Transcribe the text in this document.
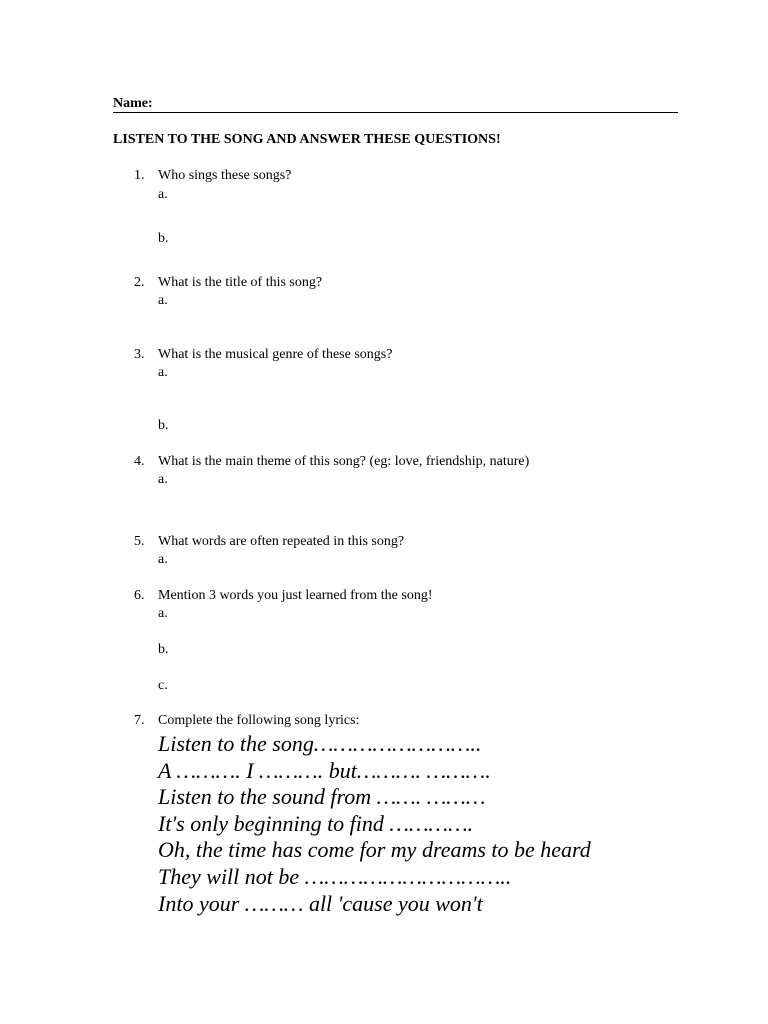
Name:
LISTEN TO THE SONG AND ANSWER THESE QUESTIONS!
1. Who sings these songs?
a.
b.
2. What is the title of this song?
a.
3. What is the musical genre of these songs?
a.
b.
4. What is the main theme of this song? (eg: love, friendship, nature)
a.
5. What words are often repeated in this song?
a.
6. Mention 3 words you just learned from the song!
a.
b.
c.
7. Complete the following song lyrics:
Listen to the song……………………..
A ………. I ………. but………. ……….
Listen to the sound from ……. ………
It's only beginning to find ………….
Oh, the time has come for my dreams to be heard
They will not be …………………………..
Into your ……… all 'cause you won't
